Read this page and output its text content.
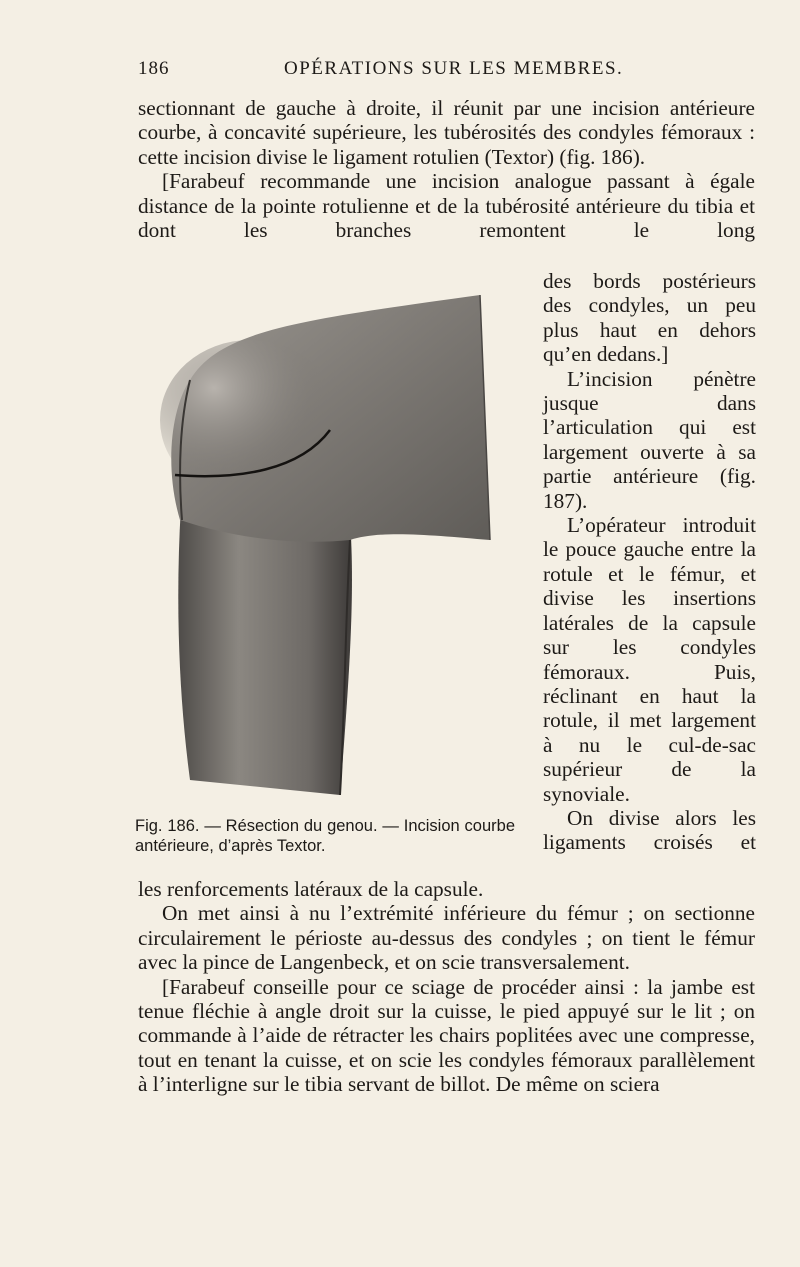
186	OPÉRATIONS SUR LES MEMBRES.

sectionnant de gauche à droite, il réunit par une incision antérieure courbe, à concavité supérieure, les tubérosités des condyles fémoraux : cette incision divise le ligament rotulien (Textor) (fig. 186).

[Farabeuf recommande une incision analogue passant à égale distance de la pointe rotulienne et de la tubérosité antérieure du tibia et dont les branches remontent le long

des bords postérieurs des condyles, un peu plus haut en dehors qu’en dedans.]

L’incision pénètre jusque dans l’articulation qui est largement ouverte à sa partie antérieure (fig. 187).

L’opérateur introduit le pouce gauche entre la rotule et le fémur, et divise les insertions latérales de la capsule sur les condyles fémoraux. Puis, réclinant en haut la rotule, il met largement à nu le cul-de-sac supérieur de la synoviale.

On divise alors les ligaments croisés et

Fig. 186. — Résection du genou. — Incision courbe antérieure, d’après Textor.

les renforcements latéraux de la capsule.

On met ainsi à nu l’extrémité inférieure du fémur ; on sectionne circulairement le périoste au-dessus des condyles ; on tient le fémur avec la pince de Langenbeck, et on scie transversalement.

[Farabeuf conseille pour ce sciage de procéder ainsi : la jambe est tenue fléchie à angle droit sur la cuisse, le pied appuyé sur le lit ; on commande à l’aide de rétracter les chairs poplitées avec une compresse, tout en tenant la cuisse, et on scie les condyles fémoraux parallèlement à l’interligne sur le tibia servant de billot. De même on sciera
